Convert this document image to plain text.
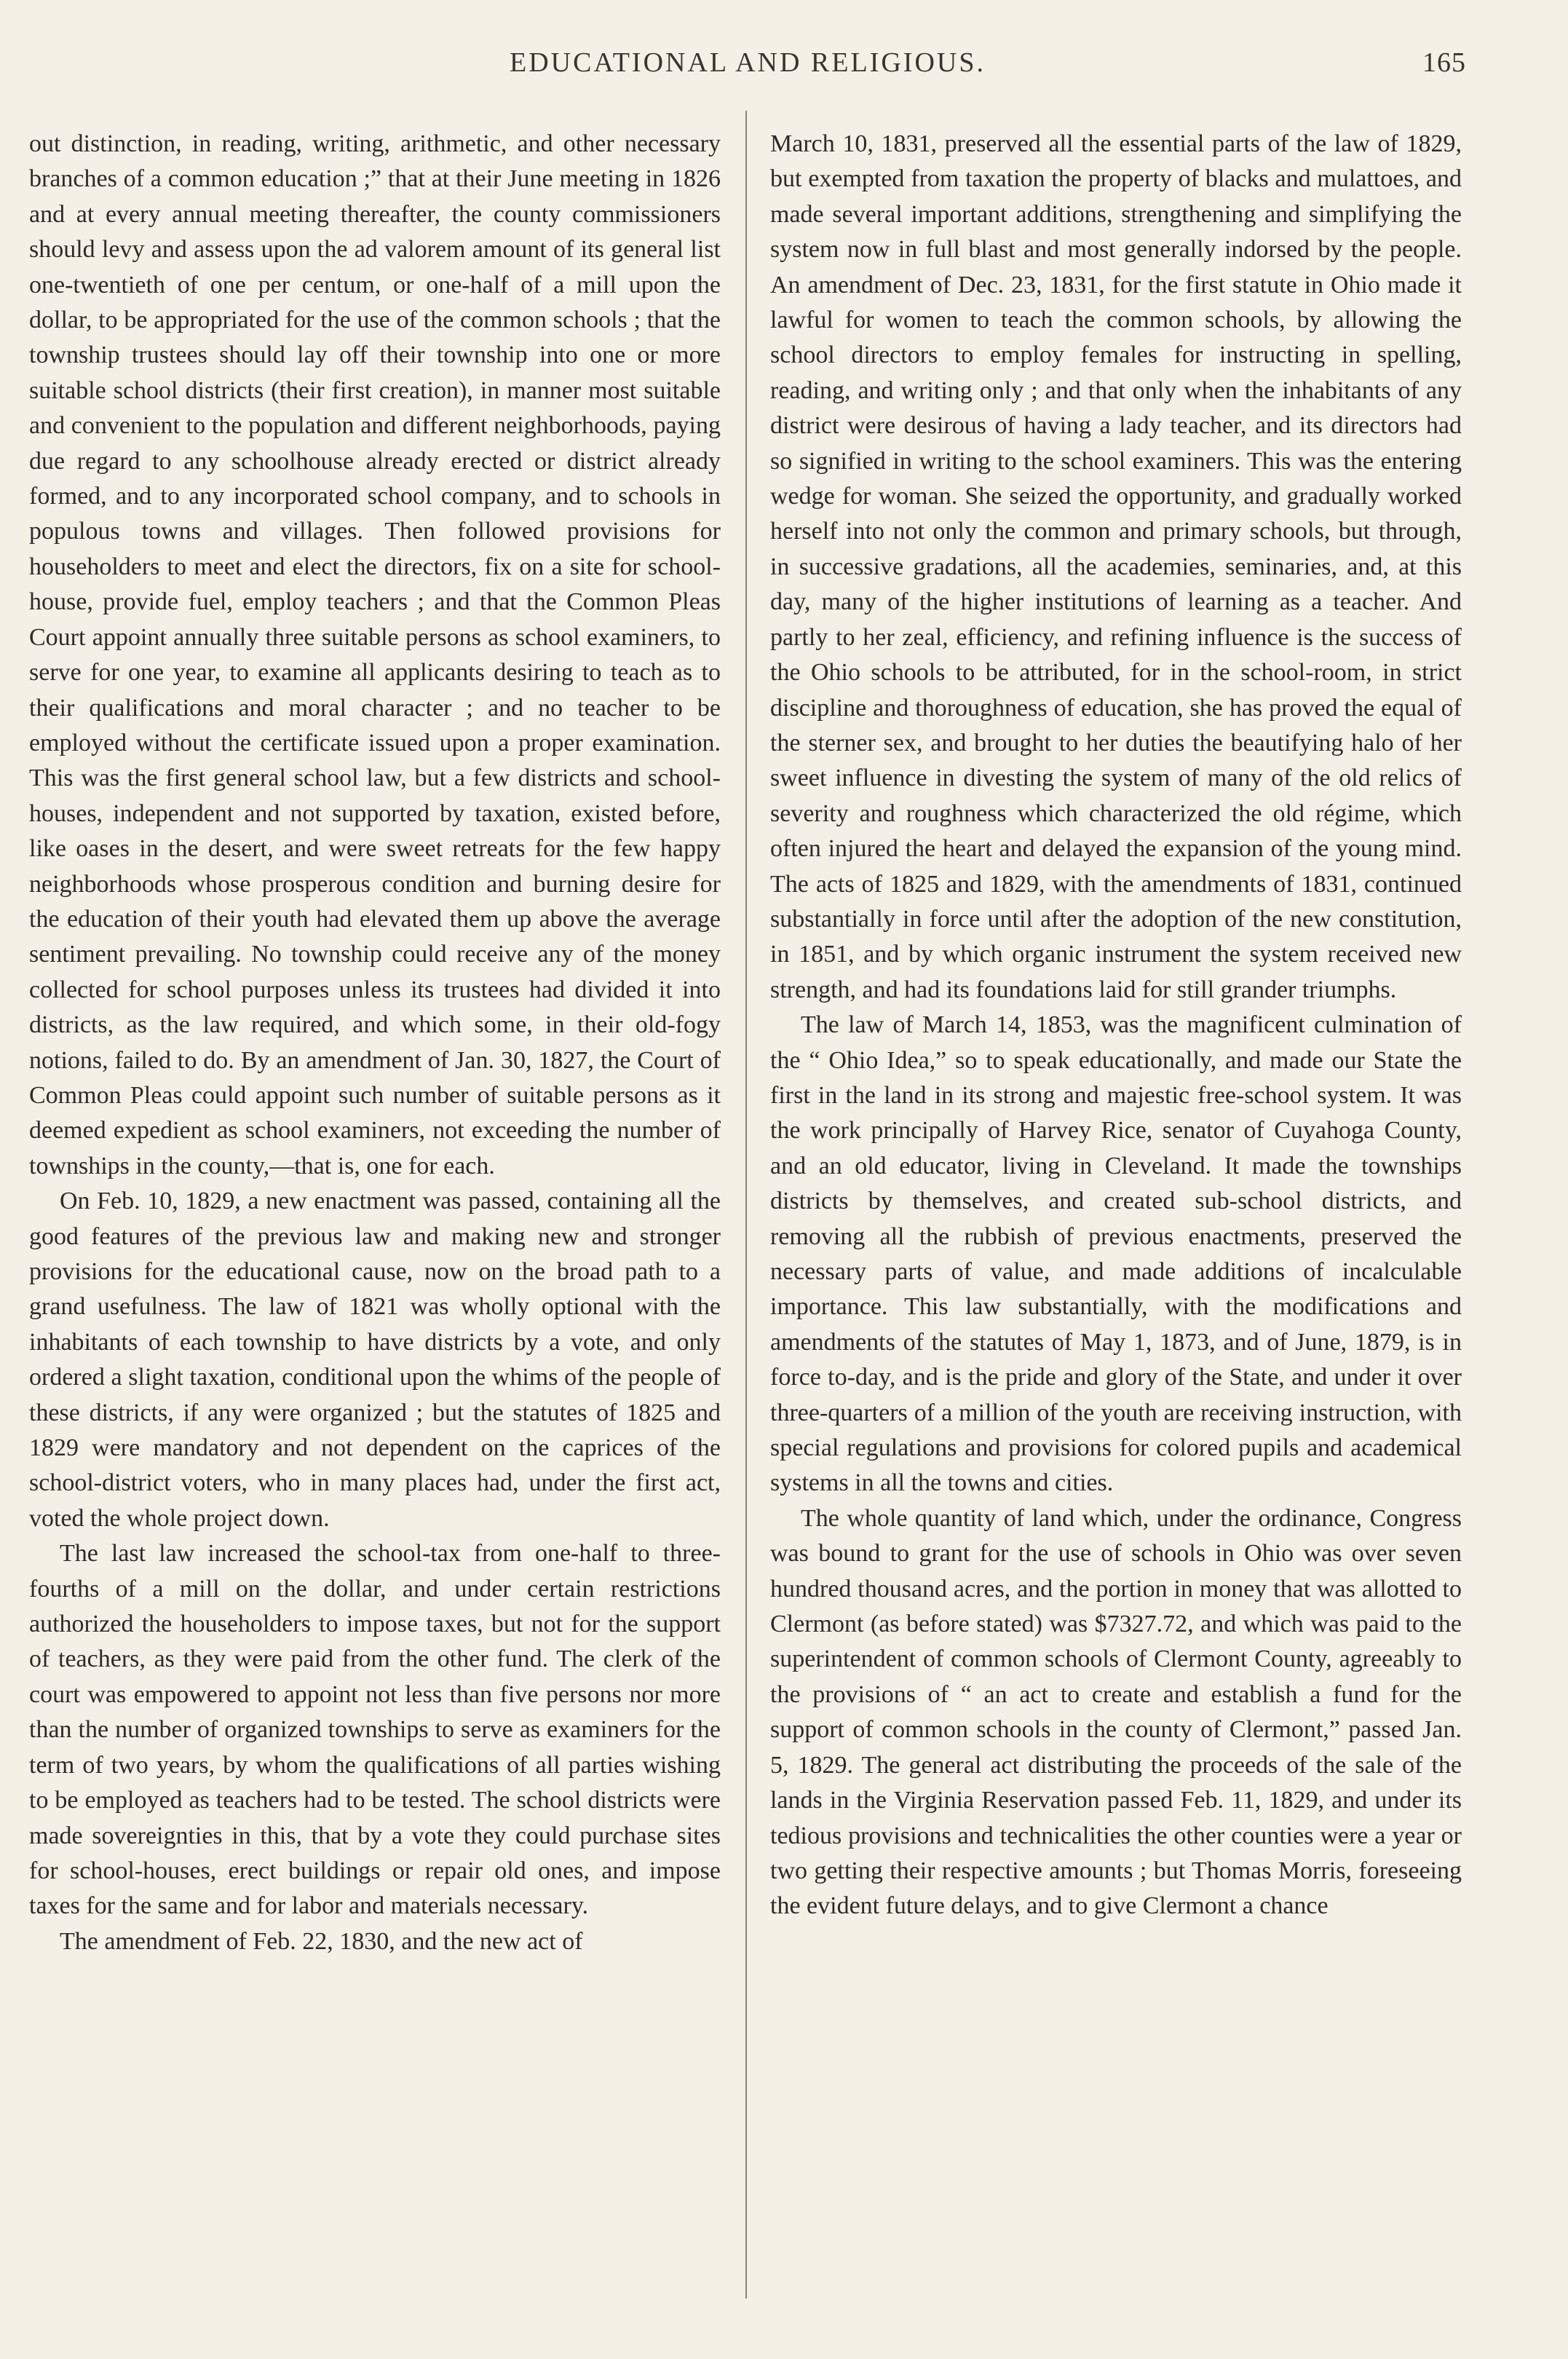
EDUCATIONAL AND RELIGIOUS.	165

out distinction, in reading, writing, arithmetic, and other necessary branches of a common education ;” that at their June meeting in 1826 and at every annual meeting thereafter, the county commissioners should levy and assess upon the ad valorem amount of its general list one-twentieth of one per centum, or one-half of a mill upon the dollar, to be appropriated for the use of the common schools ; that the township trustees should lay off their township into one or more suitable school districts (their first creation), in manner most suitable and convenient to the population and different neighborhoods, paying due regard to any schoolhouse already erected or district already formed, and to any incorporated school company, and to schools in populous towns and villages. Then followed provisions for householders to meet and elect the directors, fix on a site for school-house, provide fuel, employ teachers ; and that the Common Pleas Court appoint annually three suitable persons as school examiners, to serve for one year, to examine all applicants desiring to teach as to their qualifications and moral character ; and no teacher to be employed without the certificate issued upon a proper examination. This was the first general school law, but a few districts and school-houses, independent and not supported by taxation, existed before, like oases in the desert, and were sweet retreats for the few happy neighborhoods whose prosperous condition and burning desire for the education of their youth had elevated them up above the average sentiment prevailing. No township could receive any of the money collected for school purposes unless its trustees had divided it into districts, as the law required, and which some, in their old-fogy notions, failed to do. By an amendment of Jan. 30, 1827, the Court of Common Pleas could appoint such number of suitable persons as it deemed expedient as school examiners, not exceeding the number of townships in the county,—that is, one for each.

On Feb. 10, 1829, a new enactment was passed, containing all the good features of the previous law and making new and stronger provisions for the educational cause, now on the broad path to a grand usefulness. The law of 1821 was wholly optional with the inhabitants of each township to have districts by a vote, and only ordered a slight taxation, conditional upon the whims of the people of these districts, if any were organized ; but the statutes of 1825 and 1829 were mandatory and not dependent on the caprices of the school-district voters, who in many places had, under the first act, voted the whole project down.

The last law increased the school-tax from one-half to three-fourths of a mill on the dollar, and under certain restrictions authorized the householders to impose taxes, but not for the support of teachers, as they were paid from the other fund. The clerk of the court was empowered to appoint not less than five persons nor more than the number of organized townships to serve as examiners for the term of two years, by whom the qualifications of all parties wishing to be employed as teachers had to be tested. The school districts were made sovereignties in this, that by a vote they could purchase sites for school-houses, erect buildings or repair old ones, and impose taxes for the same and for labor and materials necessary.

The amendment of Feb. 22, 1830, and the new act of

March 10, 1831, preserved all the essential parts of the law of 1829, but exempted from taxation the property of blacks and mulattoes, and made several important additions, strengthening and simplifying the system now in full blast and most generally indorsed by the people. An amendment of Dec. 23, 1831, for the first statute in Ohio made it lawful for women to teach the common schools, by allowing the school directors to employ females for instructing in spelling, reading, and writing only ; and that only when the inhabitants of any district were desirous of having a lady teacher, and its directors had so signified in writing to the school examiners. This was the entering wedge for woman. She seized the opportunity, and gradually worked herself into not only the common and primary schools, but through, in successive gradations, all the academies, seminaries, and, at this day, many of the higher institutions of learning as a teacher. And partly to her zeal, efficiency, and refining influence is the success of the Ohio schools to be attributed, for in the school-room, in strict discipline and thoroughness of education, she has proved the equal of the sterner sex, and brought to her duties the beautifying halo of her sweet influence in divesting the system of many of the old relics of severity and roughness which characterized the old régime, which often injured the heart and delayed the expansion of the young mind. The acts of 1825 and 1829, with the amendments of 1831, continued substantially in force until after the adoption of the new constitution, in 1851, and by which organic instrument the system received new strength, and had its foundations laid for still grander triumphs.

The law of March 14, 1853, was the magnificent culmination of the “ Ohio Idea,” so to speak educationally, and made our State the first in the land in its strong and majestic free-school system. It was the work principally of Harvey Rice, senator of Cuyahoga County, and an old educator, living in Cleveland. It made the townships districts by themselves, and created sub-school districts, and removing all the rubbish of previous enactments, preserved the necessary parts of value, and made additions of incalculable importance. This law substantially, with the modifications and amendments of the statutes of May 1, 1873, and of June, 1879, is in force to-day, and is the pride and glory of the State, and under it over three-quarters of a million of the youth are receiving instruction, with special regulations and provisions for colored pupils and academical systems in all the towns and cities.

The whole quantity of land which, under the ordinance, Congress was bound to grant for the use of schools in Ohio was over seven hundred thousand acres, and the portion in money that was allotted to Clermont (as before stated) was $7327.72, and which was paid to the superintendent of common schools of Clermont County, agreeably to the provisions of “ an act to create and establish a fund for the support of common schools in the county of Clermont,” passed Jan. 5, 1829. The general act distributing the proceeds of the sale of the lands in the Virginia Reservation passed Feb. 11, 1829, and under its tedious provisions and technicalities the other counties were a year or two getting their respective amounts ; but Thomas Morris, foreseeing the evident future delays, and to give Clermont a chance
